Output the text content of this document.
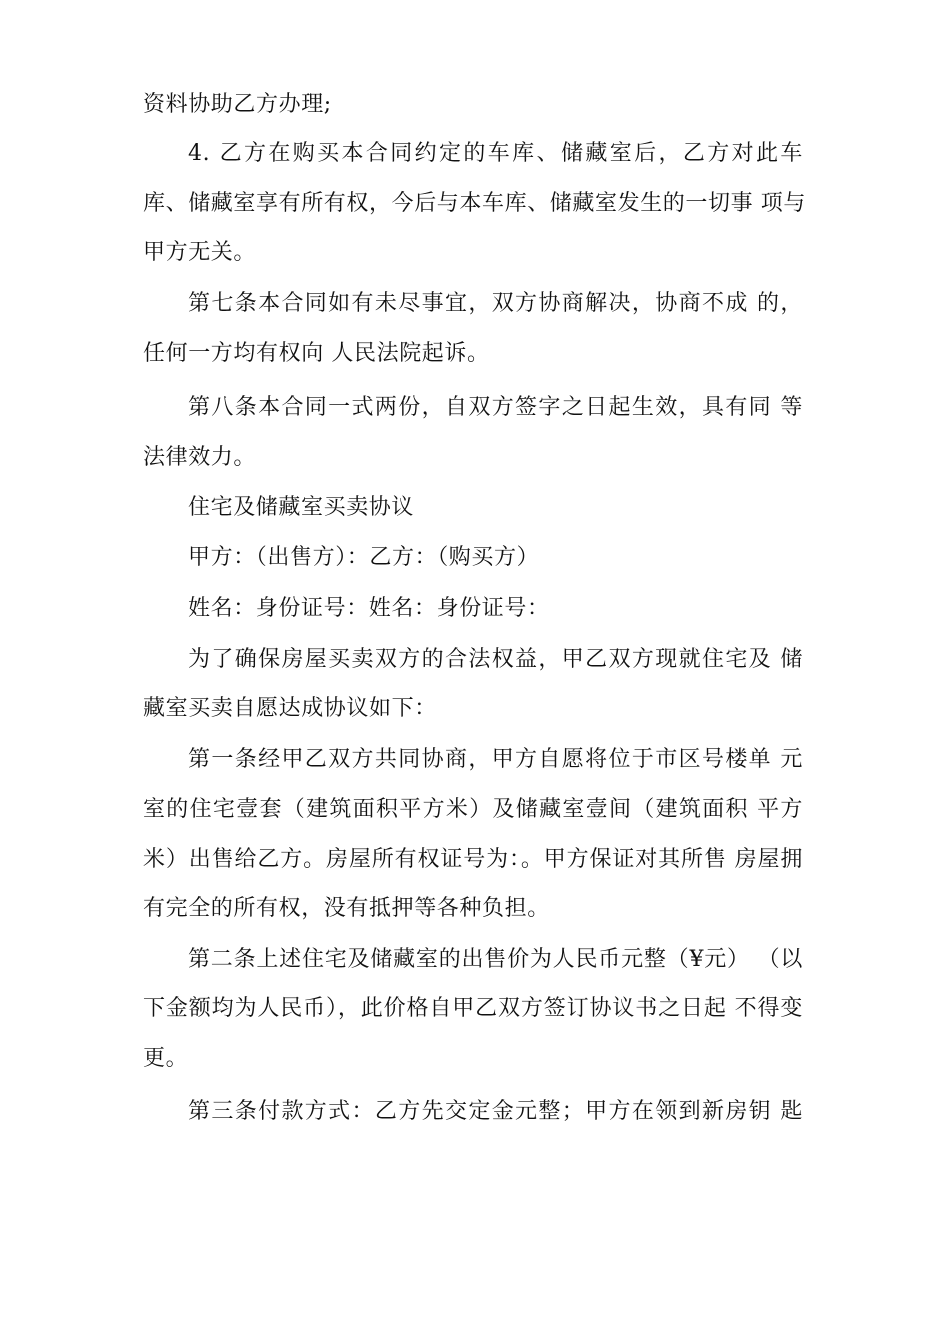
资料协助乙方办理;
4. 乙方在购买本合同约定的车库、储藏室后，乙方对此车
库、储藏室享有所有权，今后与本车库、储藏室发生的一切事 项与
甲方无关。
第七条本合同如有未尽事宜，双方协商解决，协商不成 的，
任何一方均有权向 人民法院起诉。
第八条本合同一式两份，自双方签字之日起生效，具有同 等
法律效力。
住宅及储藏室买卖协议
甲方：（出售方）：乙方：（购买方）
姓名：身份证号：姓名：身份证号：
为了确保房屋买卖双方的合法权益，甲乙双方现就住宅及 储
藏室买卖自愿达成协议如下：
第一条经甲乙双方共同协商，甲方自愿将位于市区号楼单 元
室的住宅壹套（建筑面积平方米）及储藏室壹间（建筑面积 平方
米）出售给乙方。房屋所有权证号为：。甲方保证对其所售 房屋拥
有完全的所有权，没有抵押等各种负担。
第二条上述住宅及储藏室的出售价为人民币元整（¥元） （以
下金额均为人民币），此价格自甲乙双方签订协议书之日起 不得变
更。
第三条付款方式：乙方先交定金元整；甲方在领到新房钥 匙
